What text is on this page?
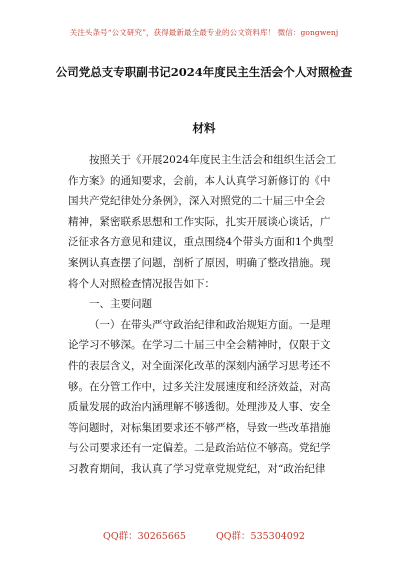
关注头条号“公文研究”，获得最新最全最专业的公文资料库！ 微信：gongwenj
公司党总支专职副书记2024年度民主生活会个人对照检查
材料
按照关于《开展2024年度民主生活会和组织生活会工
作方案》的通知要求，会前，本人认真学习新修订的《中
国共产党纪律处分条例》，深入对照党的二十届三中全会
精神，紧密联系思想和工作实际，扎实开展谈心谈话，广
泛征求各方意见和建议，重点围绕4个带头方面和1个典型
案例认真查摆了问题，剖析了原因，明确了整改措施。现
将个人对照检查情况报告如下：
一、主要问题
（一）在带头严守政治纪律和政治规矩方面。一是理
论学习不够深。在学习二十届三中全会精神时，仅限于文
件的表层含义，对全面深化改革的深刻内涵学习思考还不
够。在分管工作中，过多关注发展速度和经济效益，对高
质量发展的政治内涵理解不够透彻。处理涉及人事、安全
等问题时，对标集团要求还不够严格，导致一些改革措施
与公司要求还有一定偏差。二是政治站位不够高。党纪学
习教育期间，我认真了学习党章党规党纪，对“政治纪律
QQ群：30265665	QQ群：535304092
